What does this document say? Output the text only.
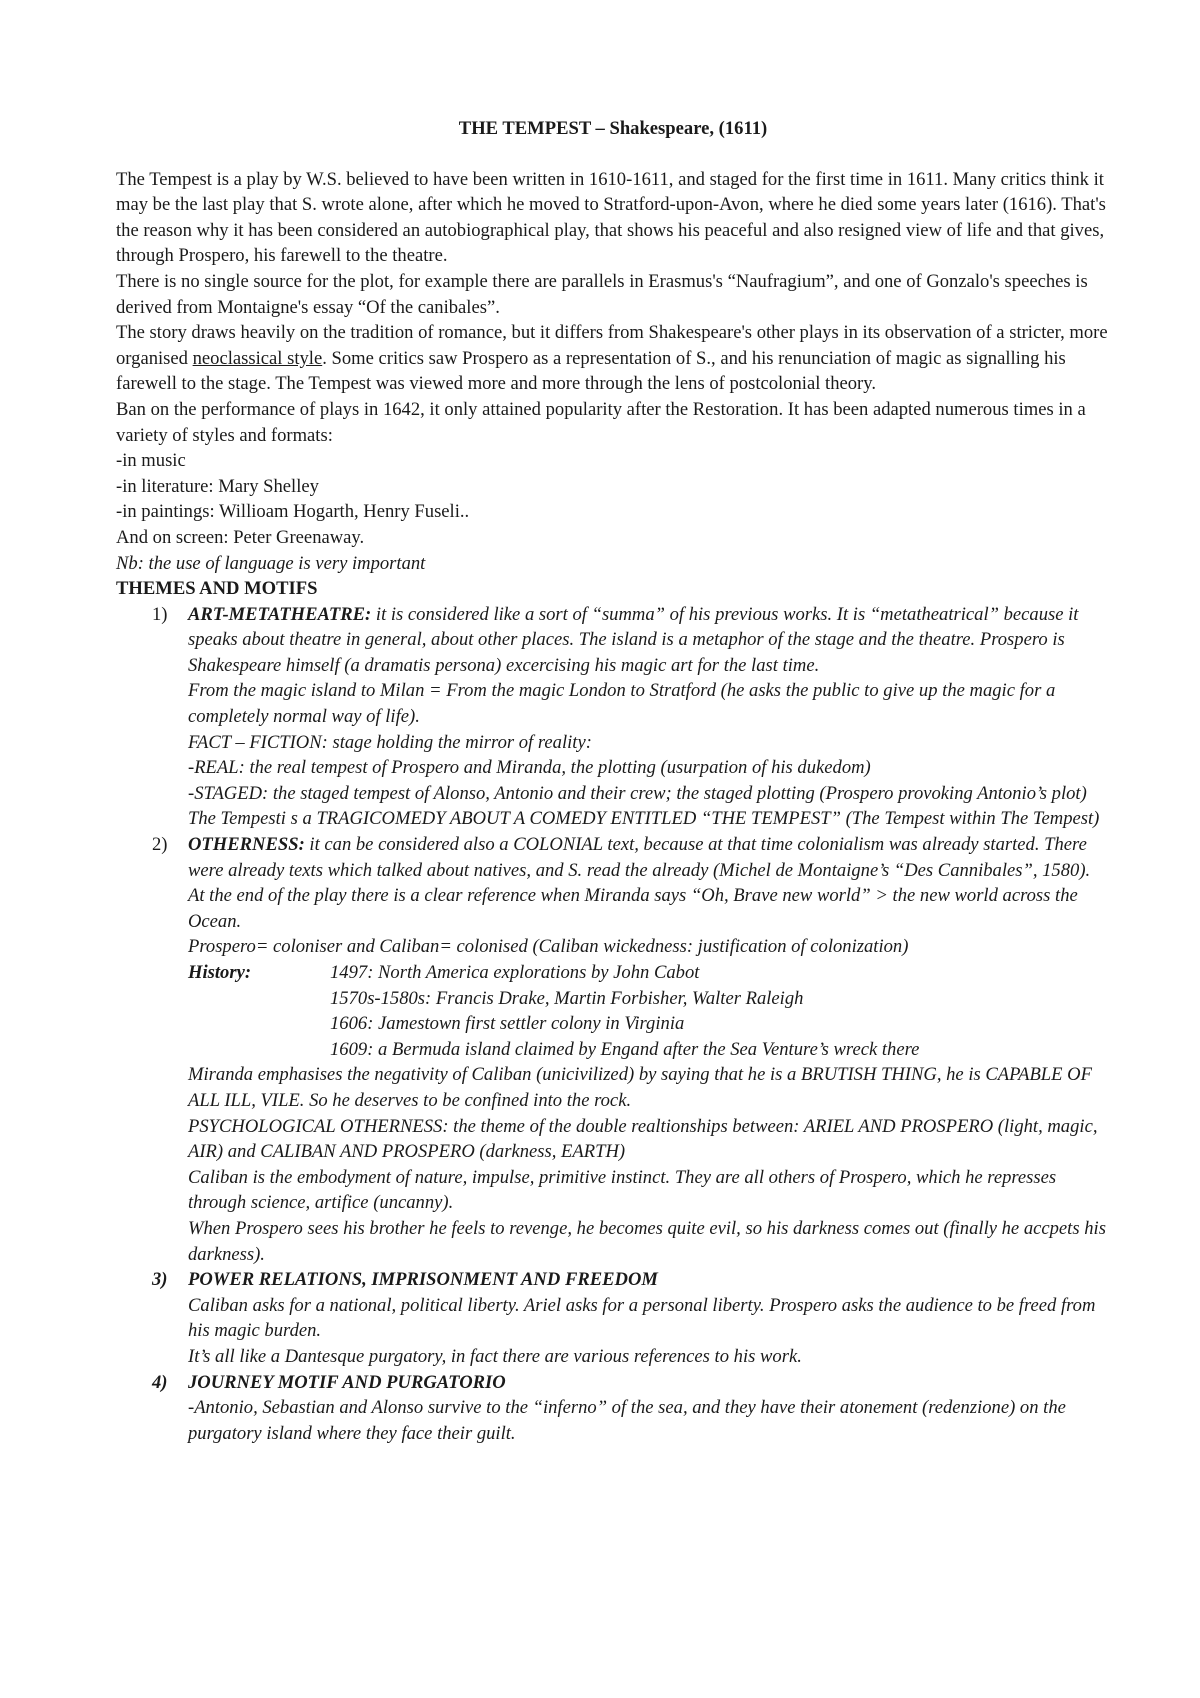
THE TEMPEST – Shakespeare, (1611)

The Tempest is a play by W.S. believed to have been written in 1610-1611, and staged for the first time in 1611. Many critics think it may be the last play that S. wrote alone, after which he moved to Stratford-upon-Avon, where he died some years later (1616). That's the reason why it has been considered an autobiographical play, that shows his peaceful and also resigned view of life and that gives, through Prospero, his farewell to the theatre.

There is no single source for the plot, for example there are parallels in Erasmus's “Naufragium”, and one of Gonzalo's speeches is derived from Montaigne's essay “Of the canibales”.

The story draws heavily on the tradition of romance, but it differs from Shakespeare's other plays in its observation of a stricter, more organised neoclassical style. Some critics saw Prospero as a representation of S., and his renunciation of magic as signalling his farewell to the stage. The Tempest was viewed more and more through the lens of postcolonial theory.

Ban on the performance of plays in 1642, it only attained popularity after the Restoration. It has been adapted numerous times in a variety of styles and formats:

-in music

-in literature: Mary Shelley

-in paintings: Willioam Hogarth, Henry Fuseli..

And on screen: Peter Greenaway.

Nb: the use of language is very important

THEMES AND MOTIFS

1) ART-METATHEATRE: it is considered like a sort of “summa” of his previous works. It is “metatheatrical” because it speaks about theatre in general, about other places. The island is a metaphor of the stage and the theatre. Prospero is Shakespeare himself (a dramatis persona) excercising his magic art for the last time.

From the magic island to Milan = From the magic London to Stratford (he asks the public to give up the magic for a completely normal way of life).

FACT – FICTION: stage holding the mirror of reality:

-REAL: the real tempest of Prospero and Miranda, the plotting (usurpation of his dukedom)

-STAGED: the staged tempest of Alonso, Antonio and their crew; the staged plotting (Prospero provoking Antonio’s plot)

The Tempesti s a TRAGICOMEDY ABOUT A COMEDY ENTITLED “THE TEMPEST” (The Tempest within The Tempest)

2) OTHERNESS: it can be considered also a COLONIAL text, because at that time colonialism was already started. There were already texts which talked about natives, and S. read the already (Michel de Montaigne’s “Des Cannibales”, 1580). At the end of the play there is a clear reference when Miranda says “Oh, Brave new world” > the new world across the Ocean.

Prospero= coloniser and Caliban= colonised (Caliban wickedness: justification of colonization)

History:	1497: North America explorations by John Cabot
1570s-1580s: Francis Drake, Martin Forbisher, Walter Raleigh
1606: Jamestown first settler colony in Virginia
1609: a Bermuda island claimed by Engand after the Sea Venture’s wreck there

Miranda emphasises the negativity of Caliban (unicivilized) by saying that he is a BRUTISH THING, he is CAPABLE OF ALL ILL, VILE. So he deserves to be confined into the rock.

PSYCHOLOGICAL OTHERNESS: the theme of the double realtionships between: ARIEL AND PROSPERO (light, magic, AIR) and CALIBAN AND PROSPERO (darkness, EARTH)

Caliban is the embodyment of nature, impulse, primitive instinct. They are all others of Prospero, which he represses through science, artifice (uncanny).

When Prospero sees his brother he feels to revenge, he becomes quite evil, so his darkness comes out (finally he accpets his darkness).

3) POWER RELATIONS, IMPRISONMENT AND FREEDOM

Caliban asks for a national, political liberty. Ariel asks for a personal liberty. Prospero asks the audience to be freed from his magic burden.

It’s all like a Dantesque purgatory, in fact there are various references to his work.

4) JOURNEY MOTIF AND PURGATORIO

-Antonio, Sebastian and Alonso survive to the “inferno” of the sea, and they have their atonement (redenzione) on the purgatory island where they face their guilt.
